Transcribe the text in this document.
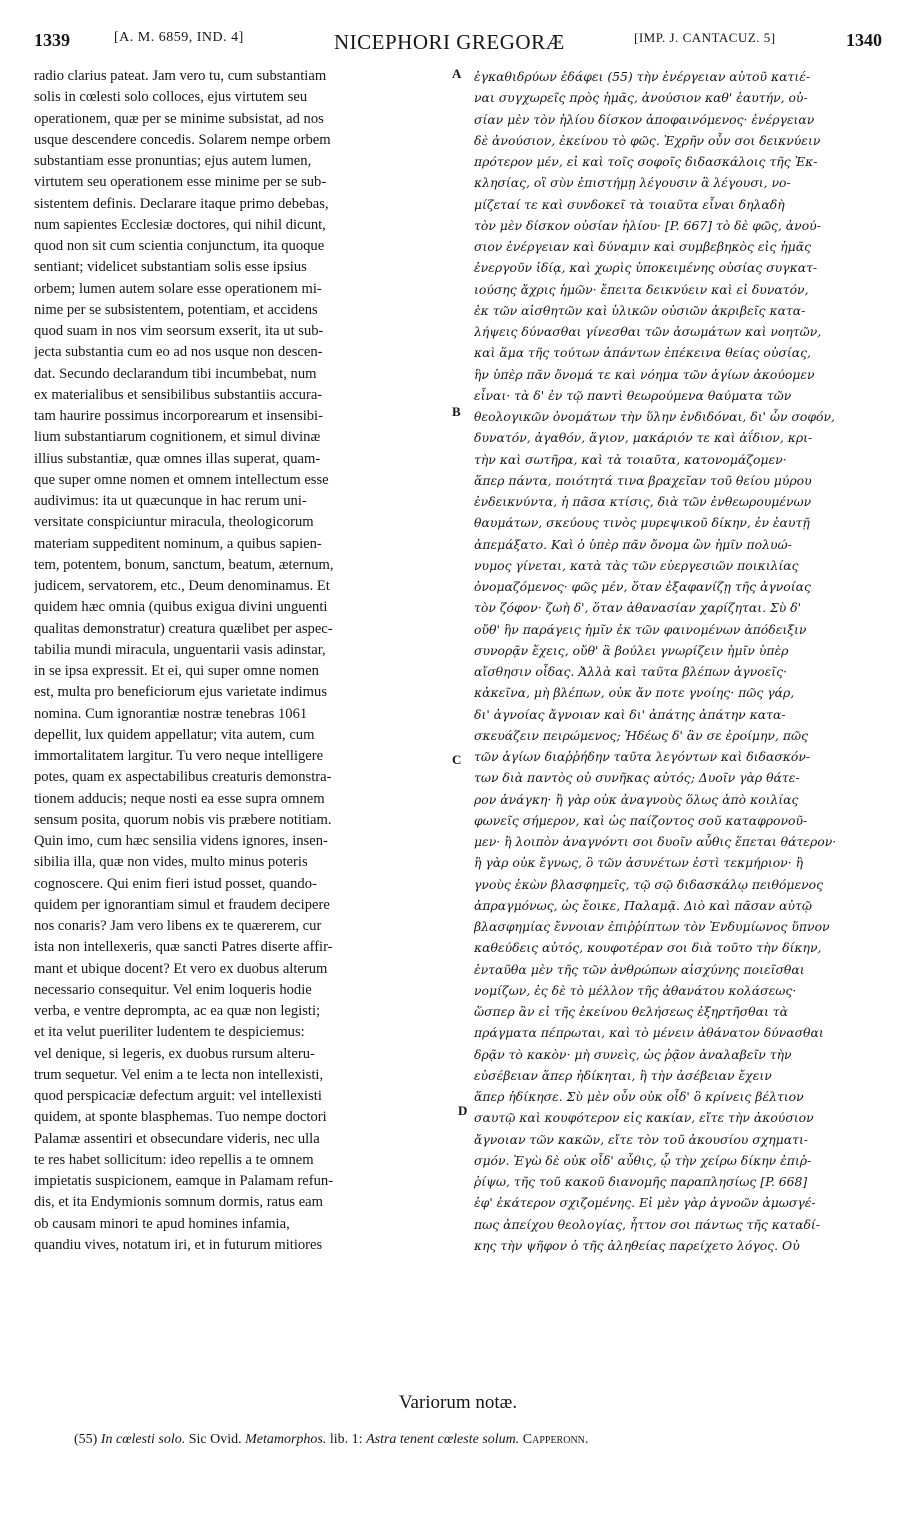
1339	[A. M. 6859, IND. 4]	NICEPHORI GREGORÆ	[IMP. J. CANTACUZ. 5]	1340
radio clarius pateat. Jam vero tu, cum substantiam
solis in cœlesti solo colloces, ejus virtutem seu
operationem, quæ per se minime subsistat, ad nos
usque descendere concedis. Solarem nempe orbem
substantiam esse pronuntias; ejus autem lumen,
virtutem seu operationem esse minime per se sub-
sistentem definis. Declarare itaque primo debebas,
num sapientes Ecclesiæ doctores, qui nihil dicunt,
quod non sit cum scientia conjunctum, ita quoque
sentiant; videlicet substantiam solis esse ipsius
orbem; lumen autem solare esse operationem mi-
nime per se subsistentem, potentiam, et accidens
quod suam in nos vim seorsum exserit, ita ut sub-
jecta substantia cum eo ad nos usque non descen-
dat. Secundo declarandum tibi incumbebat, num
ex materialibus et sensibilibus substantiis accura-
tam haurire possimus incorporearum et insensibi-
lium substantiarum cognitionem, et simul divinæ
illius substantiæ, quæ omnes illas superat, quam-
que super omne nomen et omnem intellectum esse
audivimus: ita ut quæcunque in hac rerum uni-
versitate conspiciuntur miracula, theologicorum
materiam suppeditent nominum, a quibus sapien-
tem, potentem, bonum, sanctum, beatum, æternum,
judicem, servatorem, etc., Deum denominamus. Et
quidem hæc omnia (quibus exigua divini unguenti
qualitas demonstratur) creatura quælibet per aspec-
tabilia mundi miracula, unguentarii vasis adinstar,
in se ipsa expressit. Et ei, qui super omne nomen
est, multa pro beneficiorum ejus varietate indimus
nomina. Cum ignorantiæ nostræ tenebras 1061
depellit, lux quidem appellatur; vita autem, cum
immortalitatem largitur. Tu vero neque intelligere
potes, quam ex aspectabilibus creaturis demonstra-
tionem adducis; neque nosti ea esse supra omnem
sensum posita, quorum nobis vis præbere notitiam.
Quin imo, cum hæc sensilia videns ignores, insen-
sibilia illa, quæ non vides, multo minus poteris
cognoscere. Qui enim fieri istud posset, quando-
quidem per ignorantiam simul et fraudem decipere
nos conaris? Jam vero libens ex te quærerem, cur
ista non intellexeris, quæ sancti Patres diserte affir-
mant et ubique docent? Et vero ex duobus alterum
necessario consequitur. Vel enim loqueris hodie
verba, e ventre deprompta, ac ea quæ non legisti;
et ita velut pueriliter ludentem te despiciemus:
vel denique, si legeris, ex duobus rursum alteru-
trum sequetur. Vel enim a te lecta non intellexisti,
quod perspicaciæ defectum arguit: vel intellexisti
quidem, at sponte blasphemas. Tuo nempe doctori
Palamæ assentiri et obsecundare videris, nec ulla
te res habet sollicitum: ideo repellis a te omnem
impietatis suspicionem, eamque in Palamam refun-
dis, et ita Endymionis somnum dormis, ratus eam
ob causam minori te apud homines infamia,
quandiu vives, notatum iri, et in futurum mitiores
ἐγκαθιδρύων ἐδάφει (55) τὴν ἐνέργειαν αὐτοῦ κατιέ-
ναι συγχωρεῖς πρὸς ἡμᾶς, ἀνούσιον καθ' ἑαυτήν, οὐ-
σίαν μὲν τὸν ἡλίου δίσκον ἀποφαινόμενος· ἐνέργειαν
δὲ ἀνούσιον, ἐκείνου τὸ φῶς. Ἐχρῆν οὖν σοι δεικνύειν
πρότερον μέν, εἰ καὶ τοῖς σοφοῖς διδασκάλοις τῆς Ἐκ-
κλησίας, οἳ σὺν ἐπιστήμῃ λέγουσιν ἃ λέγουσι, νο-
μίζεταί τε καὶ συνδοκεῖ τὰ τοιαῦτα εἶναι δηλαδὴ
τὸν μὲν δίσκον οὐσίαν ἡλίου· [P. 667] τὸ δὲ φῶς, ἀνού-
σιον ἐνέργειαν καὶ δύναμιν καὶ συμβεβηκὸς εἰς ἡμᾶς
ἐνεργοῦν ἰδίᾳ, καὶ χωρὶς ὑποκειμένης οὐσίας συγκατ-
ιούσης ἄχρις ἡμῶν· ἔπειτα δεικνύειν καὶ εἰ δυνατόν,
ἐκ τῶν αἰσθητῶν καὶ ὑλικῶν οὐσιῶν ἀκριβεῖς κατα-
λήψεις δύνασθαι γίνεσθαι τῶν ἀσωμάτων καὶ νοητῶν,
καὶ ἅμα τῆς τούτων ἁπάντων ἐπέκεινα θείας οὐσίας,
ἣν ὑπὲρ πᾶν ὄνομά τε καὶ νόημα τῶν ἁγίων ἀκούομεν
εἶναι· τὰ δ' ἐν τῷ παντὶ θεωρούμενα θαύματα τῶν
θεολογικῶν ὀνομάτων τὴν ὕλην ἐνδιδόναι, δι' ὧν σοφόν,
δυνατόν, ἀγαθόν, ἅγιον, μακάριόν τε καὶ ἀΐδιον, κρι-
τὴν καὶ σωτῆρα, καὶ τὰ τοιαῦτα, κατονομάζομεν·
ἅπερ πάντα, ποιότητά τινα βραχεῖαν τοῦ θείου μύρου
ἐνδεικνύντα, ἡ πᾶσα κτίσις, διὰ τῶν ἐνθεωρουμένων
θαυμάτων, σκεύους τινὸς μυρεψικοῦ δίκην, ἐν ἑαυτῇ
ἀπεμάξατο. Καὶ ὁ ὑπὲρ πᾶν ὄνομα ὢν ἡμῖν πολυώ-
νυμος γίνεται, κατὰ τὰς τῶν εὐεργεσιῶν ποικιλίας
ὀνομαζόμενος· φῶς μέν, ὅταν ἐξαφανίζῃ τῆς ἀγνοίας
τὸν ζόφον· ζωὴ δ', ὅταν ἀθανασίαν χαρίζηται. Σὺ δ'
οὔθ' ἣν παράγεις ἡμῖν ἐκ τῶν φαινομένων ἀπόδειξιν
συνορᾷν ἔχεις, οὔθ' ἃ βούλει γνωρίζειν ἡμῖν ὑπὲρ
αἴσθησιν οἶδας. Ἀλλὰ καὶ ταῦτα βλέπων ἀγνοεῖς·
κἀκεῖνα, μὴ βλέπων, οὐκ ἄν ποτε γνοίης· πῶς γάρ,
δι' ἀγνοίας ἄγνοιαν καὶ δι' ἀπάτης ἀπάτην κατα-
σκευάζειν πειρώμενος; Ἡδέως δ' ἂν σε ἐροίμην, πῶς
τῶν ἁγίων διαῤῥήδην ταῦτα λεγόντων καὶ διδασκόν-
των διὰ παντὸς οὐ συνῆκας αὐτός; Δυοῖν γὰρ θάτε-
ρον ἀνάγκη· ἢ γὰρ οὐκ ἀναγνοὺς ὅλως ἀπὸ κοιλίας
φωνεῖς σήμερον, καὶ ὡς παίζοντος σοῦ καταφρονοῦ-
μεν· ἢ λοιπὸν ἀναγνόντι σοι δυοῖν αὖθις ἕπεται θάτερον·
ἢ γὰρ οὐκ ἔγνως, ὃ τῶν ἀσυνέτων ἐστὶ τεκμήριον· ἢ
γνοὺς ἑκὼν βλασφημεῖς, τῷ σῷ διδασκάλῳ πειθόμενος
ἀπραγμόνως, ὡς ἔοικε, Παλαμᾷ. Διὸ καὶ πᾶσαν αὐτῷ
βλασφημίας ἔννοιαν ἐπιῤῥίπτων τὸν Ἐνδυμίωνος ὕπνον
καθεύδεις αὐτός, κουφοτέραν σοι διὰ τοῦτο τὴν δίκην,
ἐνταῦθα μὲν τῆς τῶν ἀνθρώπων αἰσχύνης ποιεῖσθαι
νομίζων, ἐς δὲ τὸ μέλλον τῆς ἀθανάτου κολάσεως·
ὥσπερ ἂν εἰ τῆς ἐκείνου θελήσεως ἐξηρτῆσθαι τὰ
πράγματα πέπρωται, καὶ τὸ μένειν ἀθάνατον δύνασθαι
δρᾷν τὸ κακὸν· μὴ συνεὶς, ὡς ῥᾷον ἀναλαβεῖν τὴν
εὐσέβειαν ἅπερ ἠδίκηται, ἢ τὴν ἀσέβειαν ἔχειν
ἅπερ ἠδίκησε. Σὺ μὲν οὖν οὐκ οἶδ' ὃ κρίνεις βέλτιον
σαυτῷ καὶ κουφότερον εἰς κακίαν, εἴτε τὴν ἀκούσιον
ἄγνοιαν τῶν κακῶν, εἴτε τὸν τοῦ ἀκουσίου σχηματι-
σμόν. Ἐγὼ δὲ οὐκ οἶδ' αὖθις, ᾧ τὴν χείρω δίκην ἐπιῤ-
ῥίψω, τῆς τοῦ κακοῦ διανομῆς παραπλησίως [P. 668]
ἐφ' ἑκάτερον σχιζομένης. Εἰ μὲν γὰρ ἀγνοῶν ἀμωσγέ-
πως ἀπείχου θεολογίας, ἧττον σοι πάντως τῆς καταδί-
κης τὴν ψῆφον ὁ τῆς ἀληθείας παρείχετο λόγος. Οὐ
A
B
C
D
Variorum notæ.
(55) In cœlesti solo. Sic Ovid. Metamorphos. lib. 1: Astra tenent cœleste solum. Capperonn.
